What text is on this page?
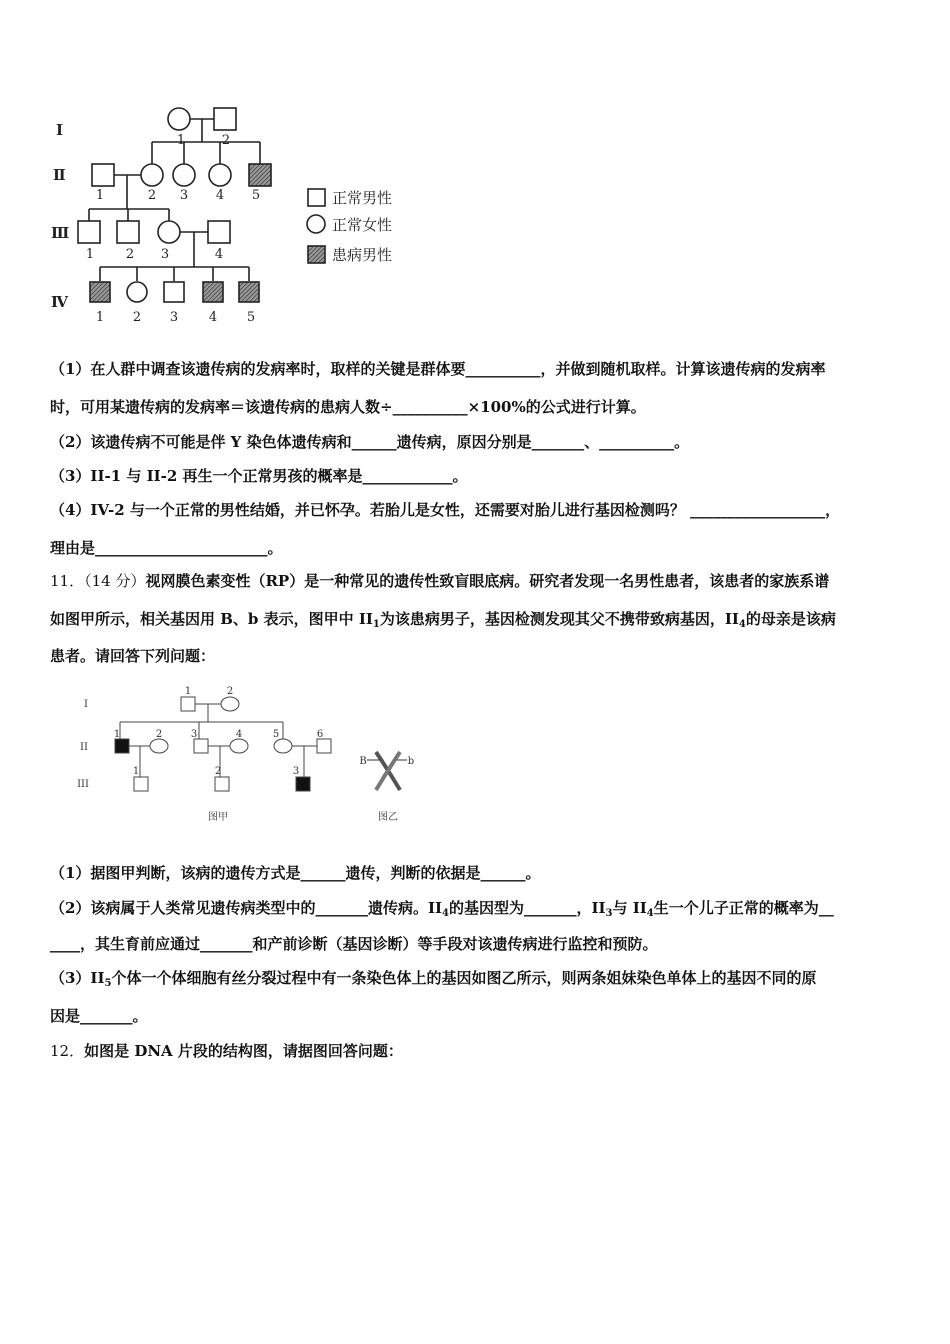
Ⅰ
Ⅱ
Ⅲ
Ⅳ
1	2
1	2 3 4 5
1 2 3	4
1 2 3 4 5
正常男性
正常女性
患病男性
（1）在人群中调查该遗传病的发病率时，取样的关键是群体要__________，并做到随机取样。计算该遗传病的发病率
时，可用某遗传病的发病率＝该遗传病的患病人数÷__________×100%的公式进行计算。
（2）该遗传病不可能是伴 Y 染色体遗传病和______遗传病，原因分别是_______、__________。
（3）II-1 与 II-2 再生一个正常男孩的概率是____________。
（4）IV-2 与一个正常的男性结婚，并已怀孕。若胎儿是女性，还需要对胎儿进行基因检测吗？ __________________，
理由是_______________________。
11．（14 分）视网膜色素变性（RP）是一种常见的遗传性致盲眼底病。研究者发现一名男性患者，该患者的家族系谱
如图甲所示，相关基因用 B、b 表示，图甲中 $II_1$为该患病男子，基因检测发现其父不携带致病基因，$II_4$的母亲是该病
患者。请回答下列问题：
I
II
III
1	2
1	2	3	4	5	6
1	2	3
B	b
图甲	图乙
（1）据图甲判断，该病的遗传方式是______遗传，判断的依据是______。
（2）该病属于人类常见遗传病类型中的_______遗传病。$II_4$的基因型为_______，$II_3$与 $II_4$生一个儿子正常的概率为__
____，其生育前应通过_______和产前诊断（基因诊断）等手段对该遗传病进行监控和预防。
$(3)II_5$个体一个体细胞有丝分裂过程中有一条染色体上的基因如图乙所示，则两条姐妹染色单体上的基因不同的原
因是_______。
12．如图是 DNA 片段的结构图，请据图回答问题：
